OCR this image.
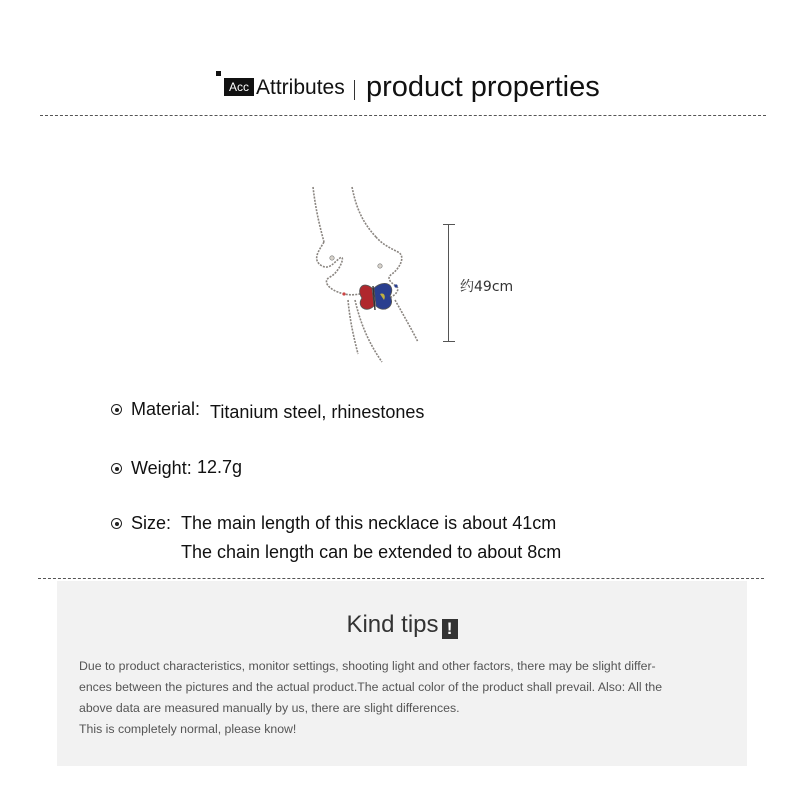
Acc Attributes product properties
约49cm
Material: Titanium steel, rhinestones
Weight: 12.7g
Size: The main length of this necklace is about 41cm
The chain length can be extended to about 8cm
Kind tips !
Due to product characteristics, monitor settings, shooting light and other factors, there may be slight differ-
ences between the pictures and the actual product.The actual color of the product shall prevail. Also: All the
above data are measured manually by us, there are slight differences.
This is completely normal, please know!
